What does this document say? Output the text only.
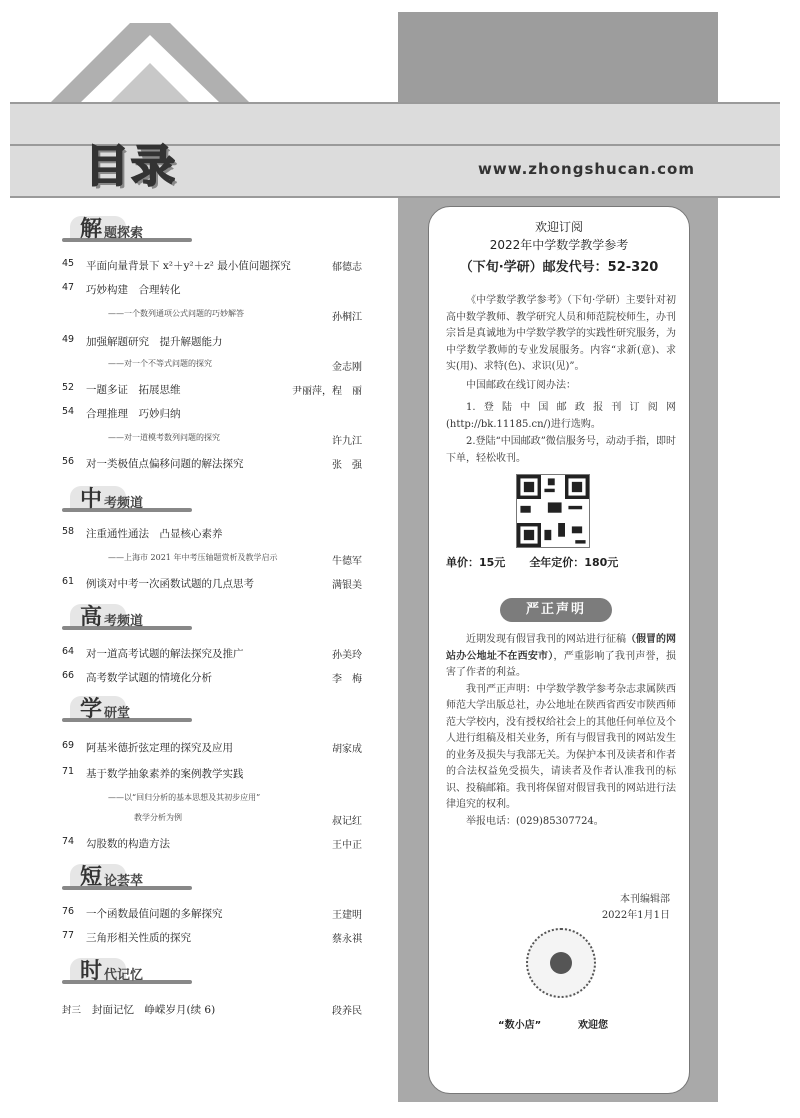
目录	www.zhongshucan.com
欢迎订阅
2022年中学数学教学参考
（下旬·学研）邮发代号：52-320
《中学数学教学参考》（下旬·学研）主要针对初高中数学教师、教学研究人员和师范院校师生，办刊宗旨是真诚地为中学数学教学的实践性研究服务，为中学数学教师的专业发展服务。内容“求新(意)、求实(用)、求特(色)、求识(见)”。
中国邮政在线订阅办法：
1.登陆中国邮政报刊订阅网(http://bk.11185.cn/)进行选购。
2.登陆“中国邮政”微信服务号，动动手指，即时下单，轻松收刊。
单价：15元 全年定价：180元
严正声明

近期发现有假冒我刊的网站进行征稿（假冒的网站办公地址不在西安市），严重影响了我刊声誉，损害了作者的利益。

我刊严正声明：中学数学教学参考杂志隶属陕西师范大学出版总社，办公地址在陕西省西安市陕西师范大学校内，没有授权给社会上的其他任何单位及个人进行组稿及相关业务，所有与假冒我刊的网站发生的业务及损失与我部无关。为保护本刊及读者和作者的合法权益免受损失，请读者及作者认准我刊的标识、投稿邮箱。我刊将保留对假冒我刊的网站进行法律追究的权利。

举报电话：(029)85307724。

本刊编辑部
2022年1月1日
“数小店”	欢迎您
解 题探索
中 考频道
高 考频道
学 研堂
短 论荟萃
时 代记忆
45	平面向量背景下 x²＋y²＋z² 最小值问题探究	郁德志
47	巧妙构建　合理转化
——一个数列通项公式问题的巧妙解答	孙桐江
49	加强解题研究　提升解题能力
——对一个不等式问题的探究	金志刚
52	一题多证　拓展思维	尹丽萍，程　丽
54	合理推理　巧妙归纳
——对一道模考数列问题的探究	许九江
56	对一类极值点偏移问题的解法探究	张　强
58	注重通性通法　凸显核心素养
——上海市 2021 年中考压轴题赏析及教学启示	牛德军
61	例谈对中考一次函数试题的几点思考	满银美
64	对一道高考试题的解法探究及推广	孙美玲
66	高考数学试题的情境化分析	李　梅
69	阿基米德折弦定理的探究及应用	胡家成
71	基于数学抽象素养的案例教学实践
——以“回归分析的基本思想及其初步应用”
教学分析为例	叔记红
74	勾股数的构造方法	王中正
76	一个函数最值问题的多解探究	王建明
77	三角形相关性质的探究	蔡永祺
封三 封面记忆　峥嵘岁月(续 6)	段养民
